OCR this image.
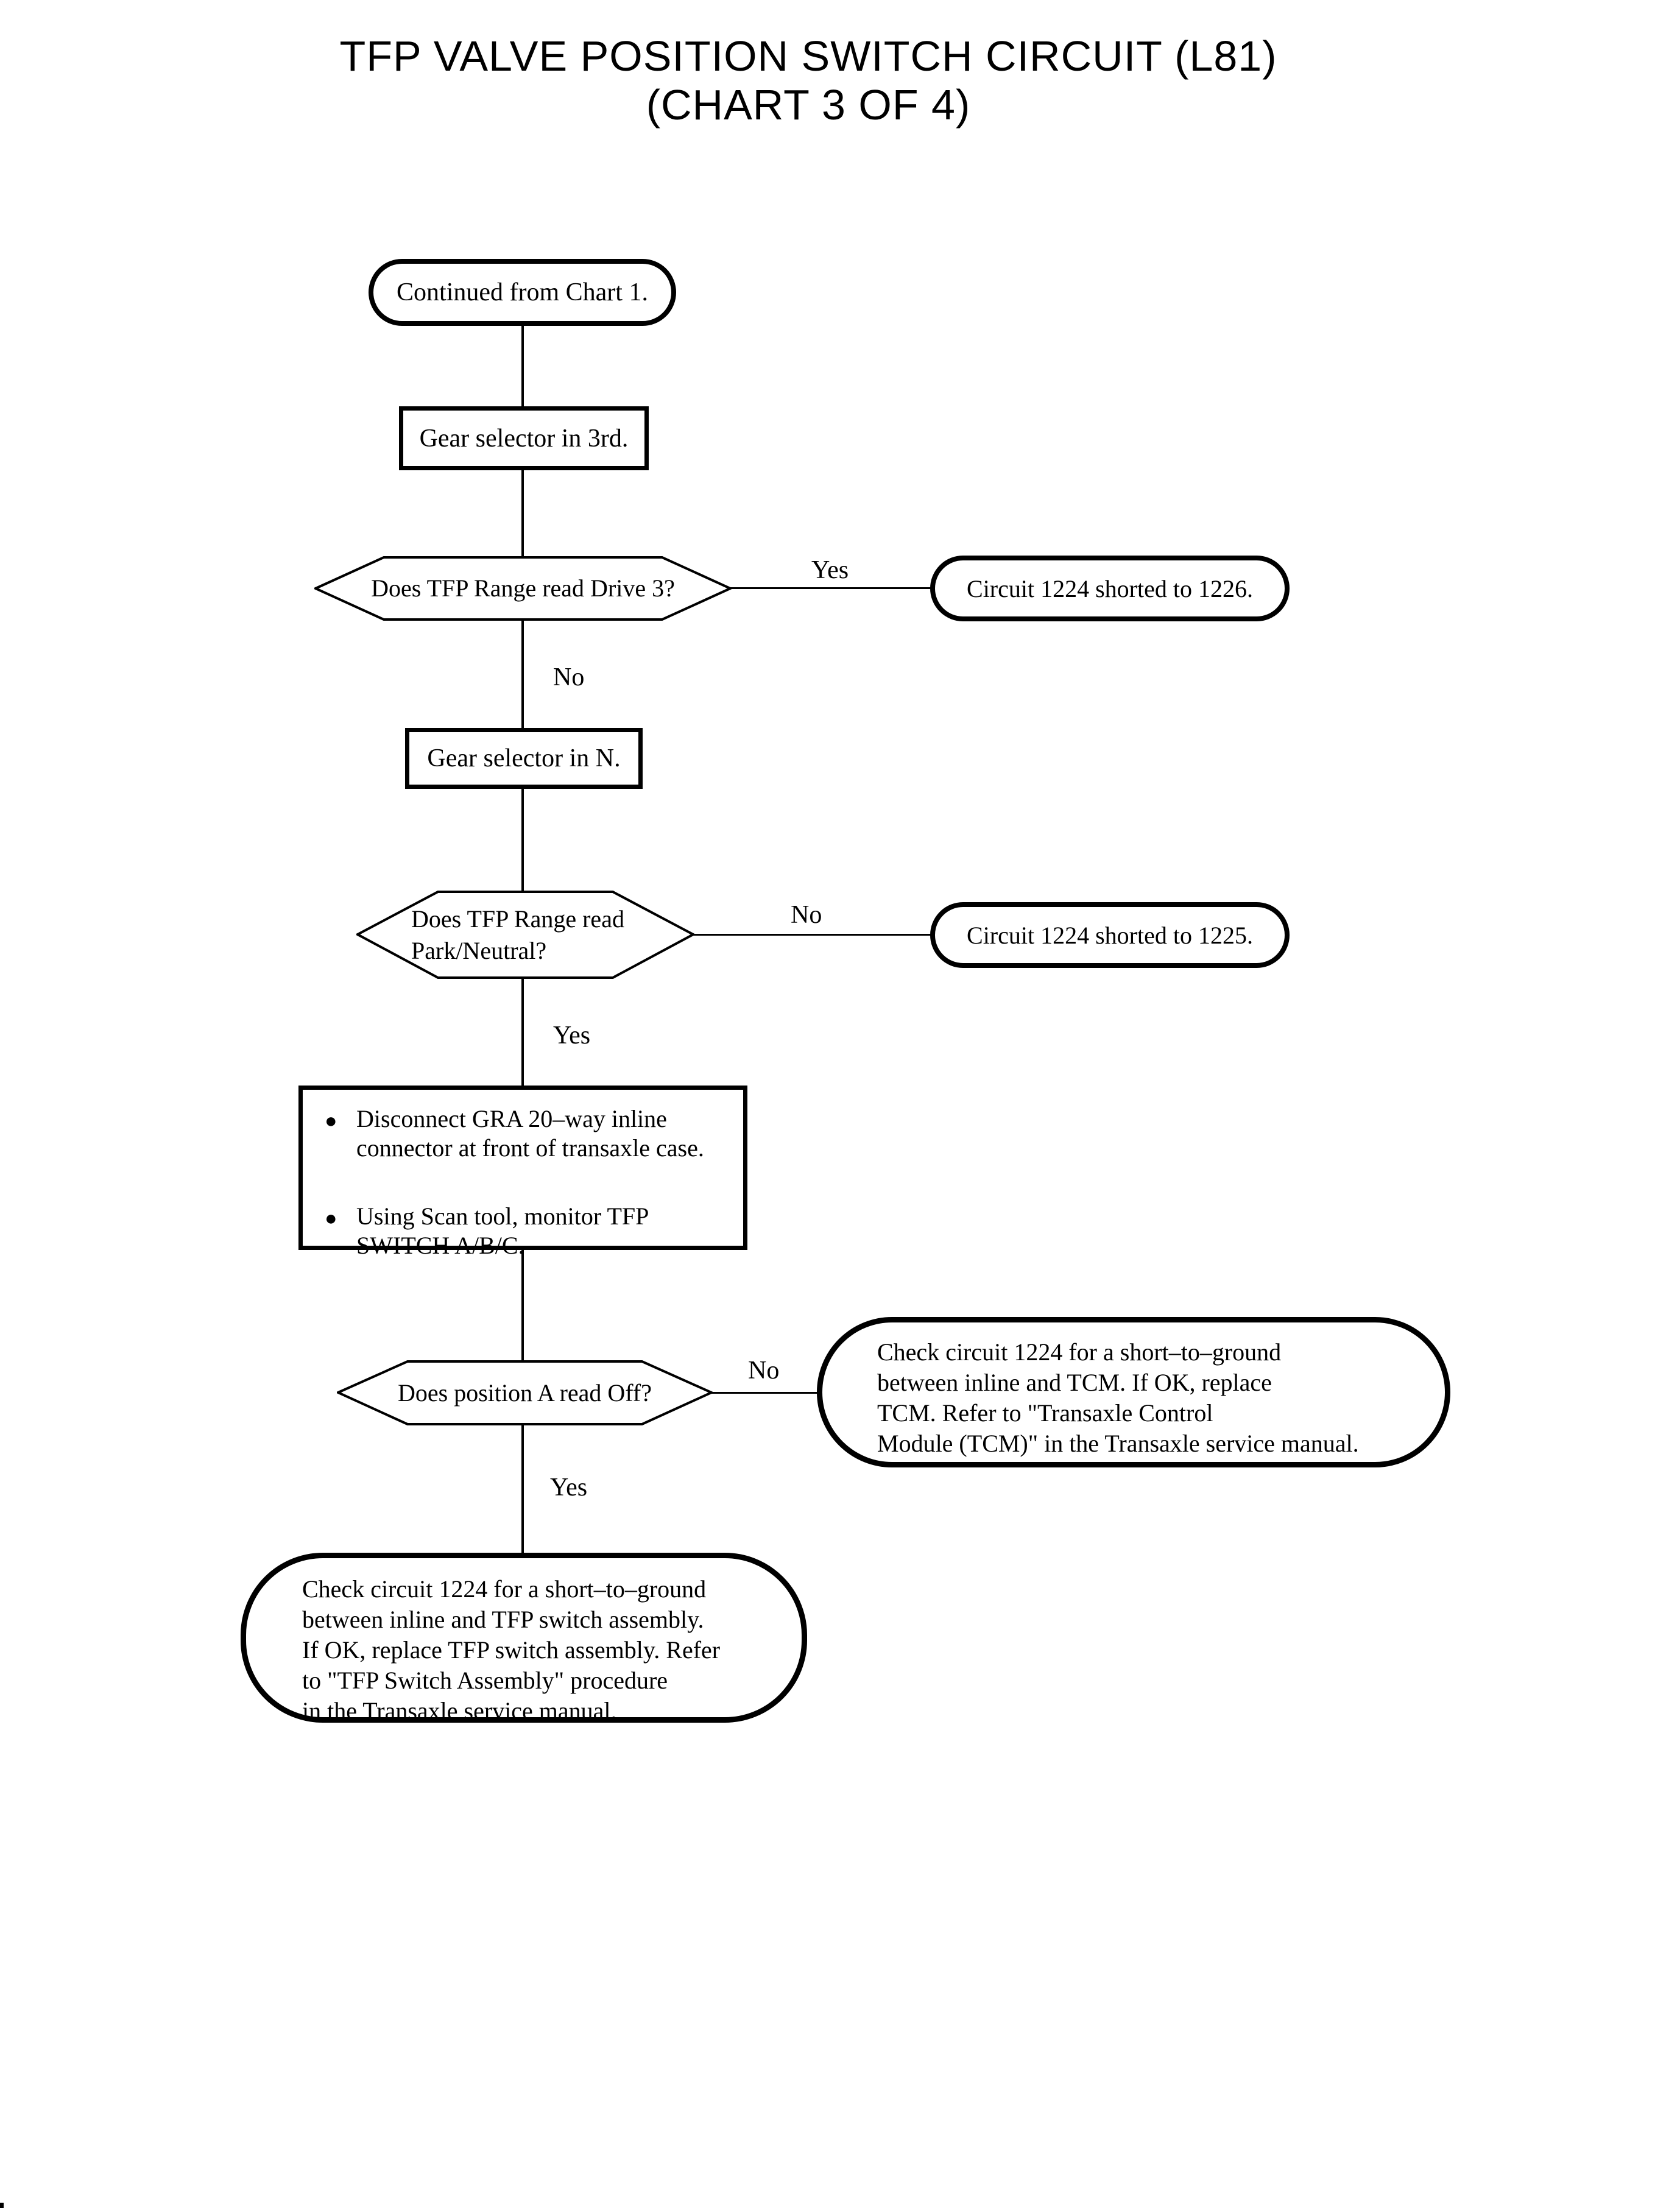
TFP VALVE POSITION SWITCH CIRCUIT (L81)
(CHART 3 OF 4)
Yes
No
No
Yes
No
Yes
Continued from Chart 1.
Gear selector in 3rd.
Does TFP Range read Drive 3?	Circuit 1224 shorted to 1226.
Gear selector in N.
Does TFP Range read
Park/Neutral?
Circuit 1224 shorted to 1225.
● Disconnect GRA 20–way inline
connector at front of transaxle case.
● Using Scan tool, monitor TFP
SWITCH A/B/C.
Does position A read Off?
Check circuit 1224 for a short–to–ground
between inline and TCM. If OK, replace
TCM. Refer to "Transaxle Control
Module (TCM)" in the Transaxle service manual.
Check circuit 1224 for a short–to–ground
between inline and TFP switch assembly.
If OK, replace TFP switch assembly. Refer
to "TFP Switch Assembly" procedure
in the Transaxle service manual.
